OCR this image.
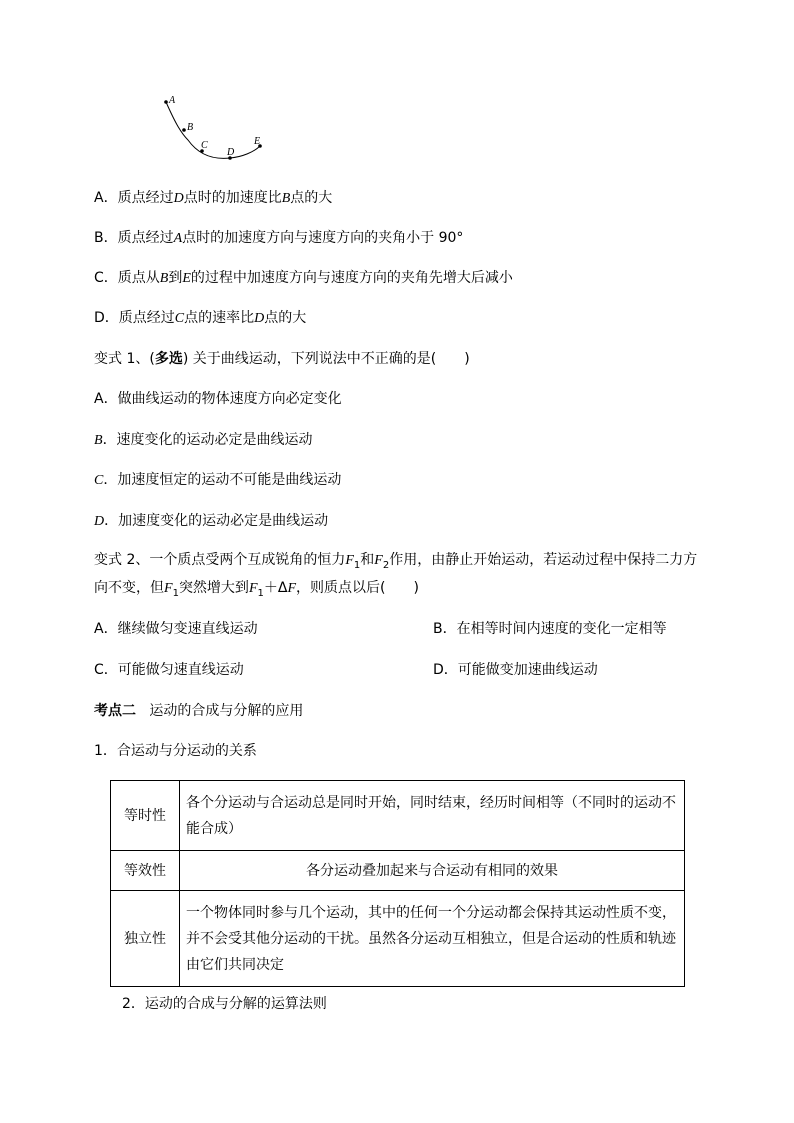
A
B
C
D
E
A．质点经过D点时的加速度比B点的大
B．质点经过A点时的加速度方向与速度方向的夹角小于 90°
C．质点从B到E的过程中加速度方向与速度方向的夹角先增大后减小
D．质点经过C点的速率比D点的大
变式 1、(多选) 关于曲线运动，下列说法中不正确的是(　　)
A．做曲线运动的物体速度方向必定变化
B．速度变化的运动必定是曲线运动
C．加速度恒定的运动不可能是曲线运动
D．加速度变化的运动必定是曲线运动
变式 2、一个质点受两个互成锐角的恒力$F_1$和$F_2$作用，由静止开始运动，若运动过程中保持二力方
向不变，但$F_1$突然增大到$F_1+\Delta F$，则质点以后(　　)
A．继续做匀变速直线运动	B．在相等时间内速度的变化一定相等
C．可能做匀速直线运动	D．可能做变加速曲线运动
考点二 运动的合成与分解的应用
1．合运动与分运动的关系
等时性	各个分运动与合运动总是同时开始，同时结束，经历时间相等（不同时的运动不能合成）
等效性	各分运动叠加起来与合运动有相同的效果
独立性	一个物体同时参与几个运动，其中的任何一个分运动都会保持其运动性质不变，并不会受其他分运动的干扰。虽然各分运动互相独立，但是合运动的性质和轨迹由它们共同决定
2．运动的合成与分解的运算法则
